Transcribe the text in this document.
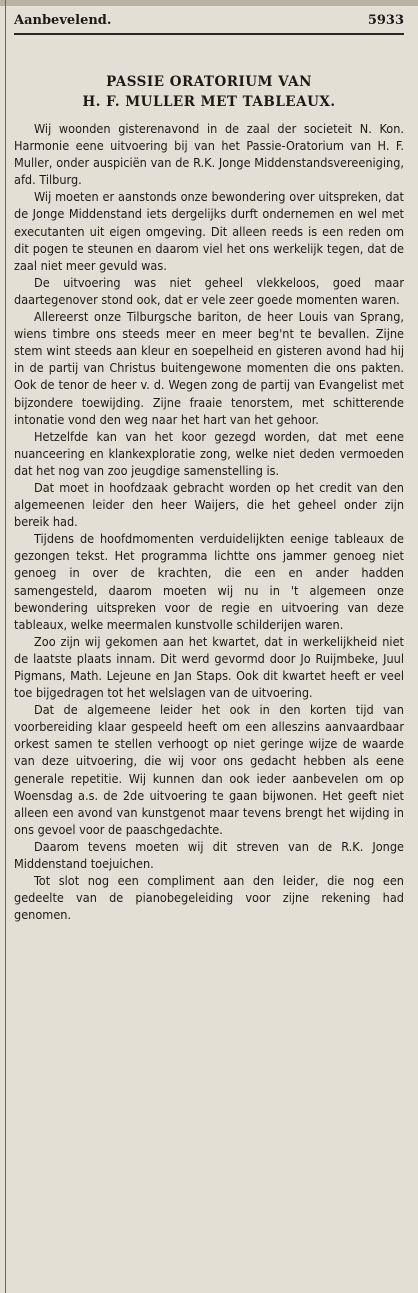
Aanbevelend.	5933
PASSIE ORATORIUM VAN
H. F. MULLER MET TABLEAUX.

Wij woonden gisterenavond in de zaal der societeit N. Kon. Harmonie eene uitvoering bij van het Passie-Oratorium van H. F. Muller, onder auspiciën van de R.K. Jonge Middenstandsvereeniging, afd. Tilburg.

Wij moeten er aanstonds onze bewondering over uitspreken, dat de Jonge Middenstand iets dergelijks durft ondernemen en wel met executanten uit eigen omgeving. Dit alleen reeds is een reden om dit pogen te steunen en daarom viel het ons werkelijk tegen, dat de zaal niet meer gevuld was.

De uitvoering was niet geheel vlekkeloos, goed maar daartegenover stond ook, dat er vele zeer goede momenten waren.

Allereerst onze Tilburgsche bariton, de heer Louis van Sprang, wiens timbre ons steeds meer en meer beg'nt te bevallen. Zijne stem wint steeds aan kleur en soepelheid en gisteren avond had hij in de partij van Christus buitengewone momenten die ons pakten. Ook de tenor de heer v. d. Wegen zong de partij van Evangelist met bijzondere toewijding. Zijne fraaie tenorstem, met schitterende intonatie vond den weg naar het hart van het gehoor.

Hetzelfde kan van het koor gezegd worden, dat met eene nuanceering en klankexploratie zong, welke niet deden vermoeden dat het nog van zoo jeugdige samenstelling is.

Dat moet in hoofdzaak gebracht worden op het credit van den algemeenen leider den heer Waijers, die het geheel onder zijn bereik had.

Tijdens de hoofdmomenten verduidelijkten eenige tableaux de gezongen tekst. Het programma lichtte ons jammer genoeg niet genoeg in over de krachten, die een en ander hadden samengesteld, daarom moeten wij nu in 't algemeen onze bewondering uitspreken voor de regie en uitvoering van deze tableaux, welke meermalen kunstvolle schilderijen waren.

Zoo zijn wij gekomen aan het kwartet, dat in werkelijkheid niet de laatste plaats innam. Dit werd gevormd door Jo Ruijmbeke, Juul Pigmans, Math. Lejeune en Jan Staps. Ook dit kwartet heeft er veel toe bijgedragen tot het welslagen van de uitvoering.

Dat de algemeene leider het ook in den korten tijd van voorbereiding klaar gespeeld heeft om een alleszins aanvaardbaar orkest samen te stellen verhoogt op niet geringe wijze de waarde van deze uitvoering, die wij voor ons gedacht hebben als eene generale repetitie. Wij kunnen dan ook ieder aanbevelen om op Woensdag a.s. de 2de uitvoering te gaan bijwonen. Het geeft niet alleen een avond van kunstgenot maar tevens brengt het wijding in ons gevoel voor de paaschgedachte.

Daarom tevens moeten wij dit streven van de R.K. Jonge Middenstand toejuichen.

Tot slot nog een compliment aan den leider, die nog een gedeelte van de pianobegeleiding voor zijne rekening had genomen.
